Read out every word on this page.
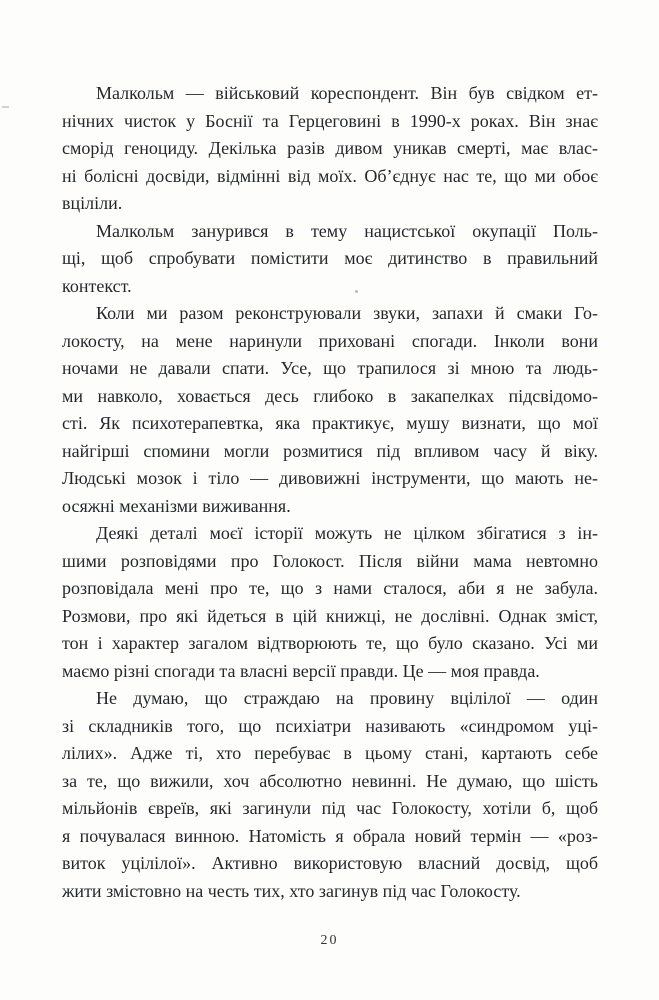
Малкольм — військовий кореспондент. Він був свідком ет-
нічних чисток у Боснії та Герцеговині в 1990-х роках. Він знає
сморід геноциду. Декілька разів дивом уникав смерті, має влас-
ні болісні досвіди, відмінні від моїх. Об’єднує нас те, що ми обоє
вціліли.
Малкольм занурився в тему нацистської окупації Поль-
щі, щоб спробувати помістити моє дитинство в правильний
контекст.
Коли ми разом реконструювали звуки, запахи й смаки Го-
локосту, на мене наринули приховані спогади. Інколи вони
ночами не давали спати. Усе, що трапилося зі мною та людь-
ми навколо, ховається десь глибоко в закапелках підсвідомо-
сті. Як психотерапевтка, яка практикує, мушу визнати, що мої
найгірші спомини могли розмитися під впливом часу й віку.
Людські мозок і тіло — дивовижні інструменти, що мають не-
осяжні механізми виживання.
Деякі деталі моєї історії можуть не цілком збігатися з ін-
шими розповідями про Голокост. Після війни мама невтомно
розповідала мені про те, що з нами сталося, аби я не забула.
Розмови, про які йдеться в цій книжці, не дослівні. Однак зміст,
тон і характер загалом відтворюють те, що було сказано. Усі ми
маємо різні спогади та власні версії правди. Це — моя правда.
Не думаю, що страждаю на провину вцілілої — один
зі складників того, що психіатри називають «синдромом уці-
лілих». Адже ті, хто перебуває в цьому стані, картають себе
за те, що вижили, хоч абсолютно невинні. Не думаю, що шість
мільйонів євреїв, які загинули під час Голокосту, хотіли б, щоб
я почувалася винною. Натомість я обрала новий термін — «роз-
виток уцілілої». Активно використовую власний досвід, щоб
жити змістовно на честь тих, хто загинув під час Голокосту.
20
